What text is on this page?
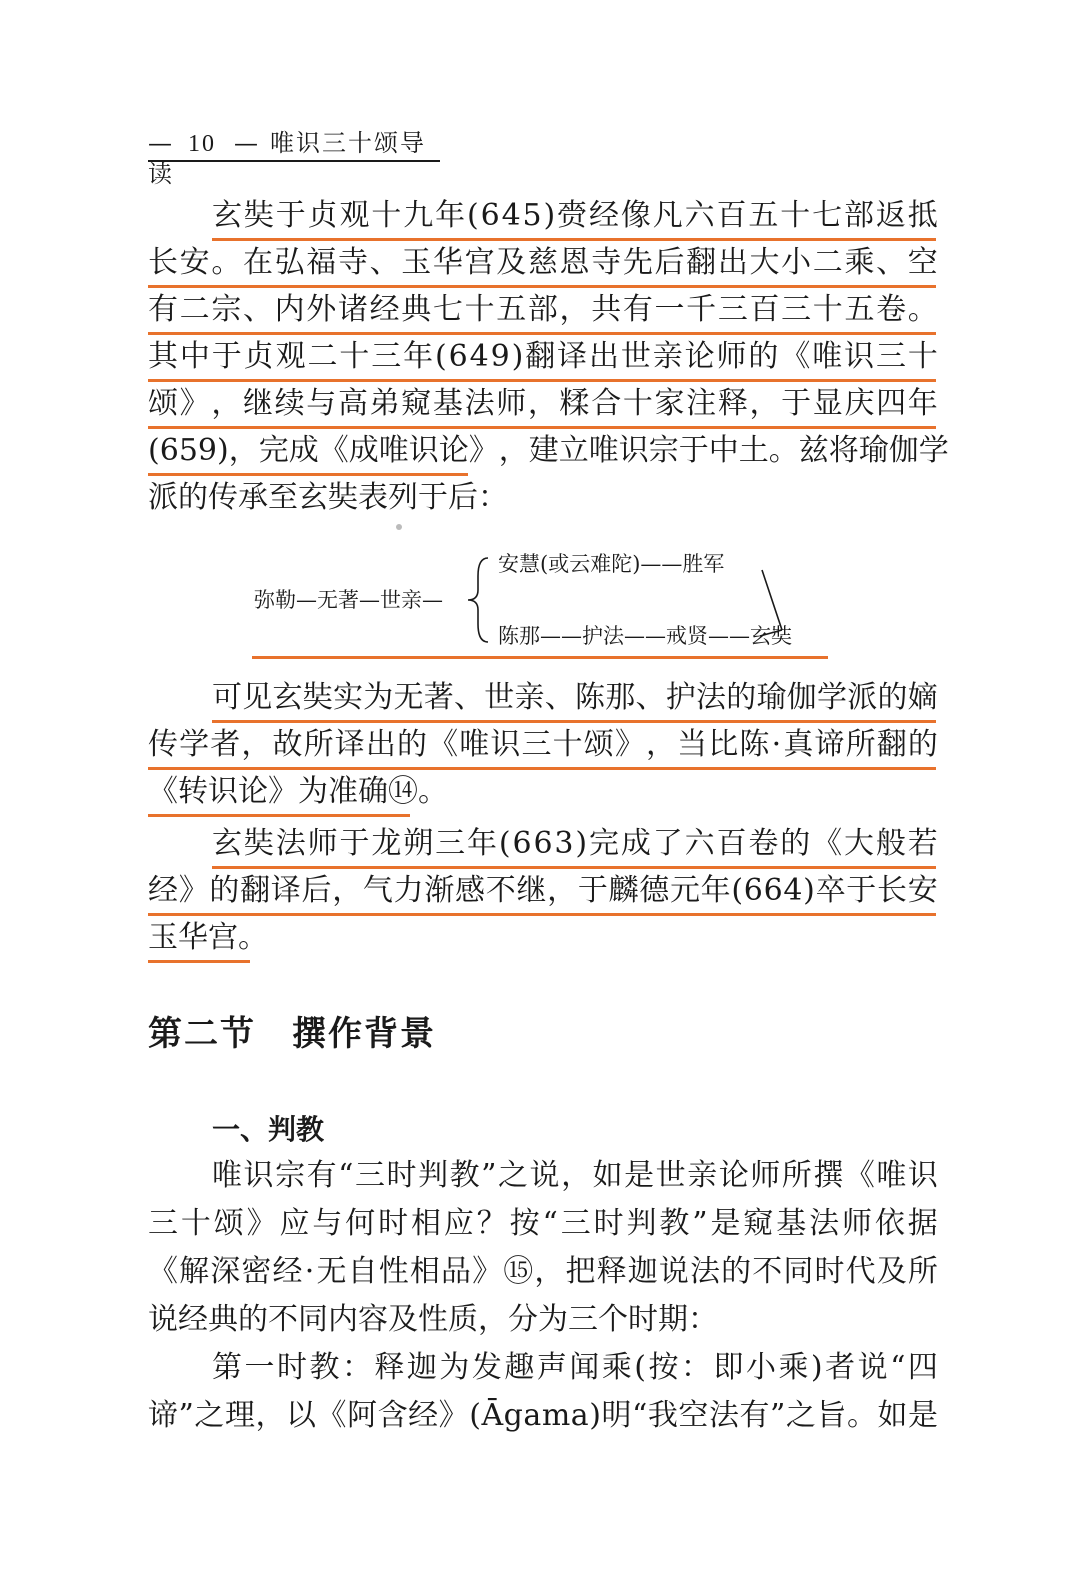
— 10 — 唯识三十颂导读
玄 奘 于 贞 观 十 九 年 ( 6 4 5 ) 赍 经 像 凡 六 百 五 十 七 部 返 抵
长 安 。 在 弘 福 寺 、 玉 华 宫 及 慈 恩 寺 先 后 翻 出 大 小 二 乘 、 空
有 二 宗 、 内 外 诸 经 典 七 十 五 部 ， 共 有 一 千 三 百 三 十 五 卷 。
其 中 于 贞 观 二 十 三 年 ( 6 4 9 ) 翻 译 出 世 亲 论 师 的 《 唯 识 三 十
颂 》 ， 继 续 与 高 弟 窥 基 法 师 ， 糅 合 十 家 注 释 ， 于 显 庆 四 年
( 6 5 9 ) ， 完 成 《 成 唯 识 论 》 ， 建 立 唯 识 宗 于 中 土 。 兹 将 瑜 伽 学
派的传承至玄奘表列于后：
弥勒—无著—世亲—
安慧(或云难陀)——胜军
陈那——护法——戒贤——玄奘
可 见 玄 奘 实 为 无 著 、 世 亲 、 陈 那 、 护 法 的 瑜 伽 学 派 的 嫡
传 学 者 ， 故 所 译 出 的 《 唯 识 三 十 颂 》 ， 当 比 陈 · 真 谛 所 翻 的
《转识论》为准确⑭。
玄 奘 法 师 于 龙 朔 三 年 ( 6 6 3 ) 完 成 了 六 百 卷 的 《 大 般 若
经 》 的 翻 译 后 ， 气 力 渐 感 不 继 ， 于 麟 德 元 年 ( 6 6 4 ) 卒 于 长 安
玉华宫。
第二节　撰作背景
一、判教
唯 识 宗 有 “ 三 时 判 教 ” 之 说 ， 如 是 世 亲 论 师 所 撰 《 唯 识
三 十 颂 》 应 与 何 时 相 应 ？ 按 “ 三 时 判 教 ” 是 窥 基 法 师 依 据
《 解 深 密 经 · 无 自 性 相 品 》 ⑮ ， 把 释 迦 说 法 的 不 同 时 代 及 所
说经典的不同内容及性质，分为三个时期：
第 一 时 教 ： 释 迦 为 发 趣 声 闻 乘 ( 按 ： 即 小 乘 ) 者 说 “ 四
谛 ” 之 理 ， 以 《 阿 含 经 》 ( Ā g a m a ) 明 “ 我 空 法 有 ” 之 旨 。 如 是
